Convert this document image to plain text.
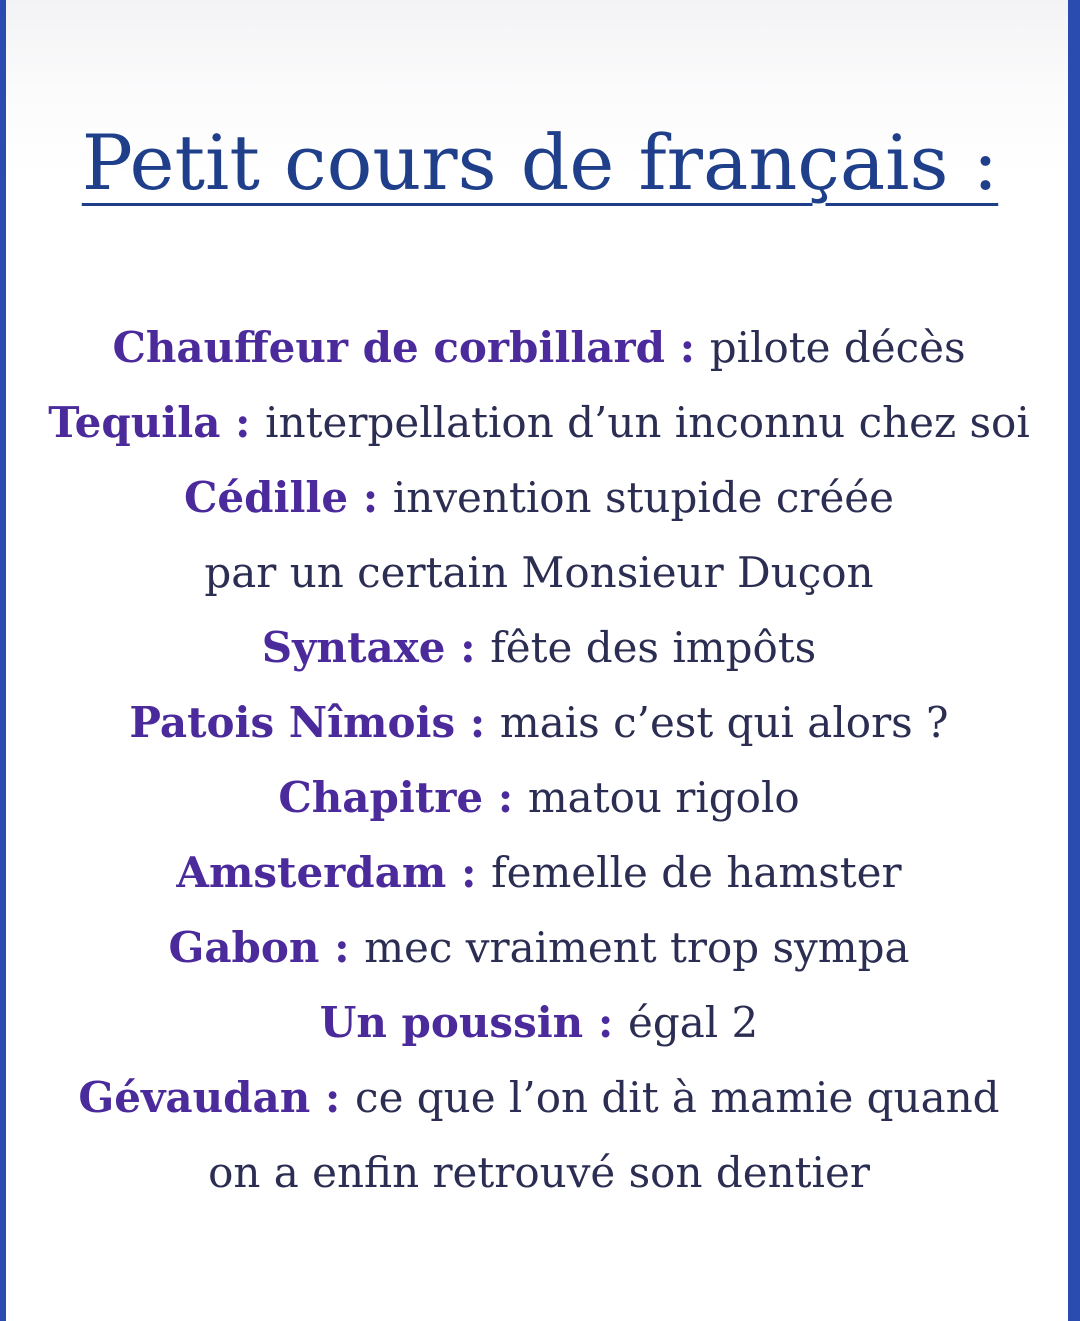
Petit cours de français :
Chauffeur de corbillard : pilote décès
Tequila : interpellation d’un inconnu chez soi
Cédille : invention stupide créée
par un certain Monsieur Duçon
Syntaxe : fête des impôts
Patois Nîmois : mais c’est qui alors ?
Chapitre : matou rigolo
Amsterdam : femelle de hamster
Gabon : mec vraiment trop sympa
Un poussin : égal 2
Gévaudan : ce que l’on dit à mamie quand
on a enfin retrouvé son dentier
